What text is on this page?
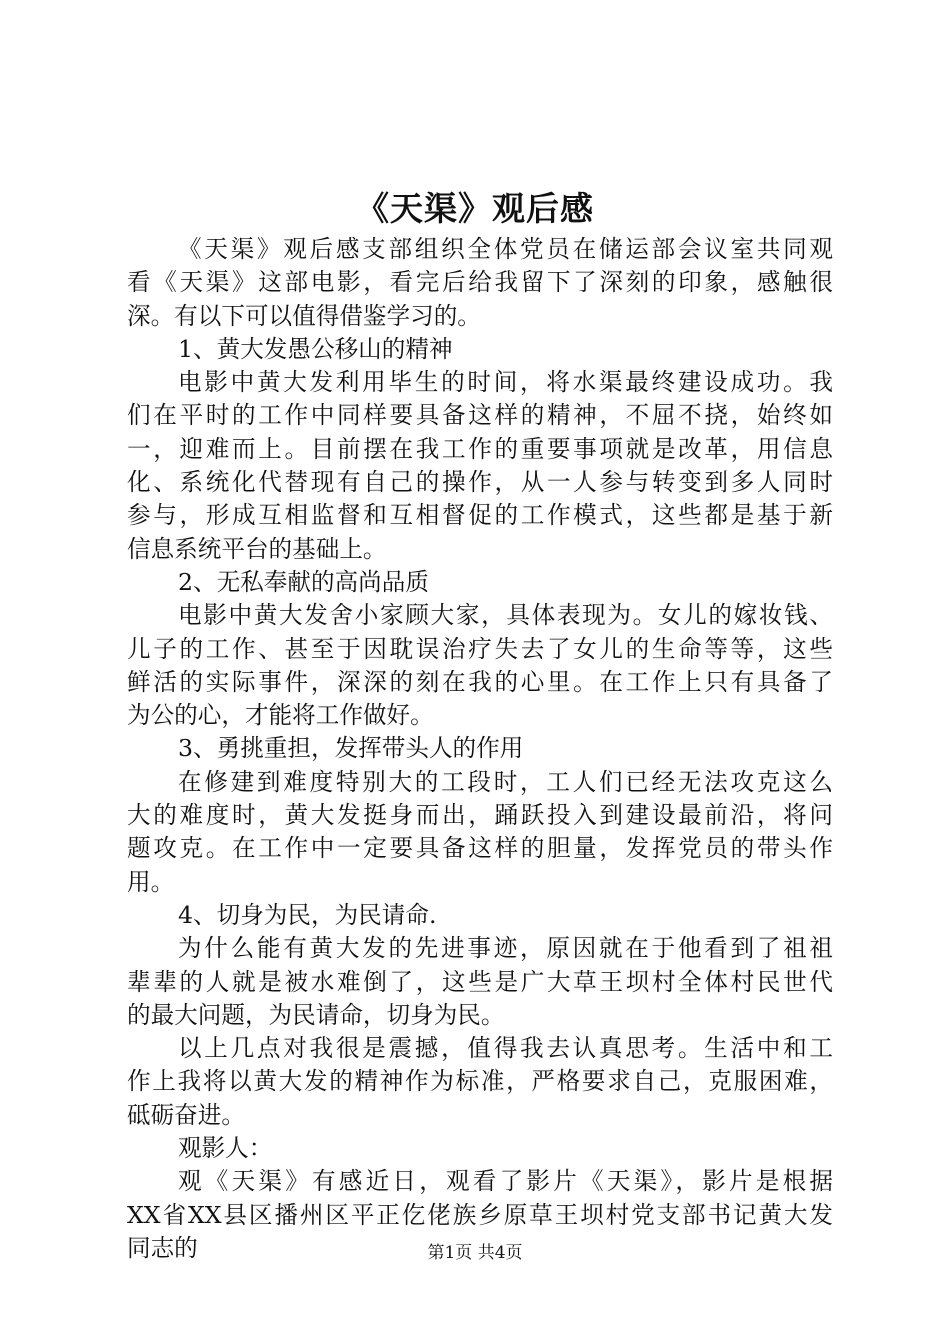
《天渠》观后感
《天渠》观后感支部组织全体党员在储运部会议室共同观
看《天渠》这部电影，看完后给我留下了深刻的印象，感触很
深。有以下可以值得借鉴学习的。
1、黄大发愚公移山的精神
电影中黄大发利用毕生的时间，将水渠最终建设成功。我
们在平时的工作中同样要具备这样的精神，不屈不挠，始终如
一，迎难而上。目前摆在我工作的重要事项就是改革，用信息
化、系统化代替现有自己的操作，从一人参与转变到多人同时
参与，形成互相监督和互相督促的工作模式，这些都是基于新
信息系统平台的基础上。
2、无私奉献的高尚品质
电影中黄大发舍小家顾大家，具体表现为。女儿的嫁妆钱、
儿子的工作、甚至于因耽误治疗失去了女儿的生命等等，这些
鲜活的实际事件，深深的刻在我的心里。在工作上只有具备了
为公的心，才能将工作做好。
3、勇挑重担，发挥带头人的作用
在修建到难度特别大的工段时，工人们已经无法攻克这么
大的难度时，黄大发挺身而出，踊跃投入到建设最前沿，将问
题攻克。在工作中一定要具备这样的胆量，发挥党员的带头作
用。
4、切身为民，为民请命.
为什么能有黄大发的先进事迹，原因就在于他看到了祖祖
辈辈的人就是被水难倒了，这些是广大草王坝村全体村民世代
的最大问题，为民请命，切身为民。
以上几点对我很是震撼，值得我去认真思考。生活中和工
作上我将以黄大发的精神作为标准，严格要求自己，克服困难，
砥砺奋进。
观影人：
观《天渠》有感近日，观看了影片《天渠》，影片是根据
XX省XX县区播州区平正仡佬族乡原草王坝村党支部书记黄大发
同志的	第1页 共4页
